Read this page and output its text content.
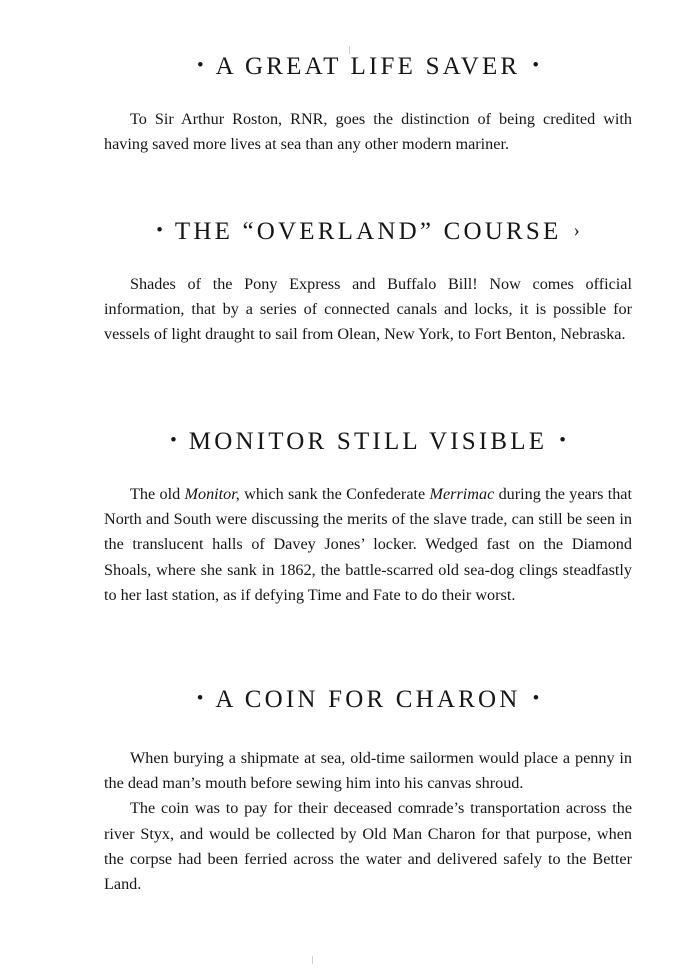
• A GREAT LIFE SAVER •

To Sir Arthur Roston, RNR, goes the distinction of being credited with having saved more lives at sea than any other modern mariner.

• THE “OVERLAND” COURSE ›

Shades of the Pony Express and Buffalo Bill! Now comes official information, that by a series of connected canals and locks, it is possible for vessels of light draught to sail from Olean, New York, to Fort Benton, Nebraska.

• MONITOR STILL VISIBLE •

The old Monitor, which sank the Confederate Merrimac during the years that North and South were discussing the merits of the slave trade, can still be seen in the translucent halls of Davey Jones’ locker. Wedged fast on the Diamond Shoals, where she sank in 1862, the battle-scarred old sea-dog clings steadfastly to her last station, as if defying Time and Fate to do their worst.

• A COIN FOR CHARON •

When burying a shipmate at sea, old-time sailormen would place a penny in the dead man’s mouth before sewing him into his canvas shroud.

The coin was to pay for their deceased comrade’s transportation across the river Styx, and would be collected by Old Man Charon for that purpose, when the corpse had been ferried across the water and delivered safely to the Better Land.
